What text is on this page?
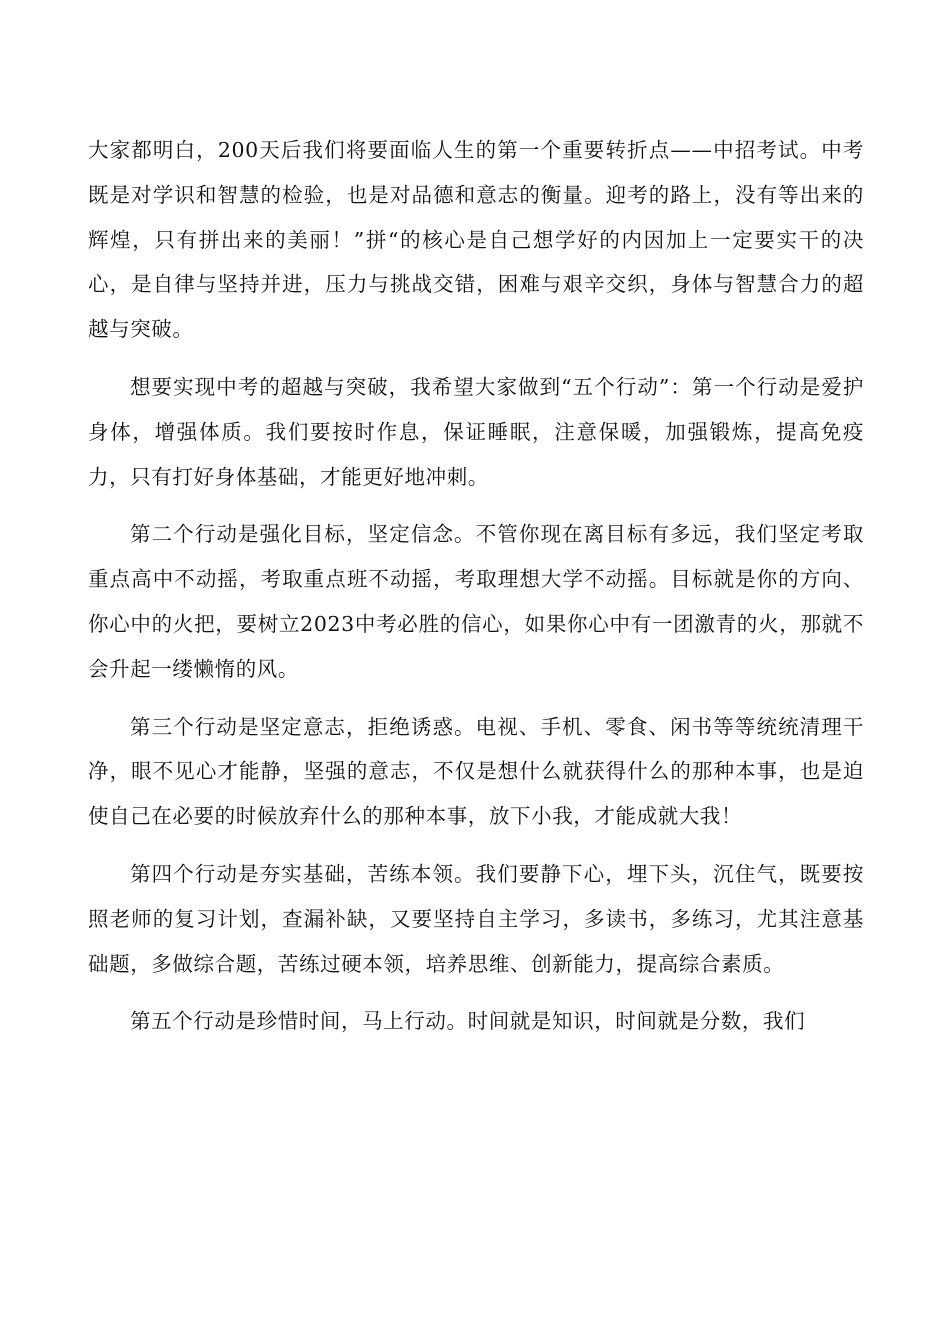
大家都明白，200天后我们将要面临人生的第一个重要转折点——中招考试。中考既是对学识和智慧的检验，也是对品德和意志的衡量。迎考的路上，没有等出来的辉煌，只有拼出来的美丽！”拼“的核心是自己想学好的内因加上一定要实干的决心，是自律与坚持并进，压力与挑战交错，困难与艰辛交织，身体与智慧合力的超越与突破。

想要实现中考的超越与突破，我希望大家做到“五个行动”：第一个行动是爱护身体，增强体质。我们要按时作息，保证睡眠，注意保暖，加强锻炼，提高免疫力，只有打好身体基础，才能更好地冲刺。

第二个行动是强化目标，坚定信念。不管你现在离目标有多远，我们坚定考取重点高中不动摇，考取重点班不动摇，考取理想大学不动摇。目标就是你的方向、你心中的火把，要树立2023中考必胜的信心，如果你心中有一团激青的火，那就不会升起一缕懒惰的风。

第三个行动是坚定意志，拒绝诱惑。电视、手机、零食、闲书等等统统清理干净，眼不见心才能静，坚强的意志，不仅是想什么就获得什么的那种本事，也是迫使自己在必要的时候放弃什么的那种本事，放下小我，才能成就大我！

第四个行动是夯实基础，苦练本领。我们要静下心，埋下头，沉住气，既要按照老师的复习计划，查漏补缺，又要坚持自主学习，多读书，多练习，尤其注意基础题，多做综合题，苦练过硬本领，培养思维、创新能力，提高综合素质。

第五个行动是珍惜时间，马上行动。时间就是知识，时间就是分数，我们
